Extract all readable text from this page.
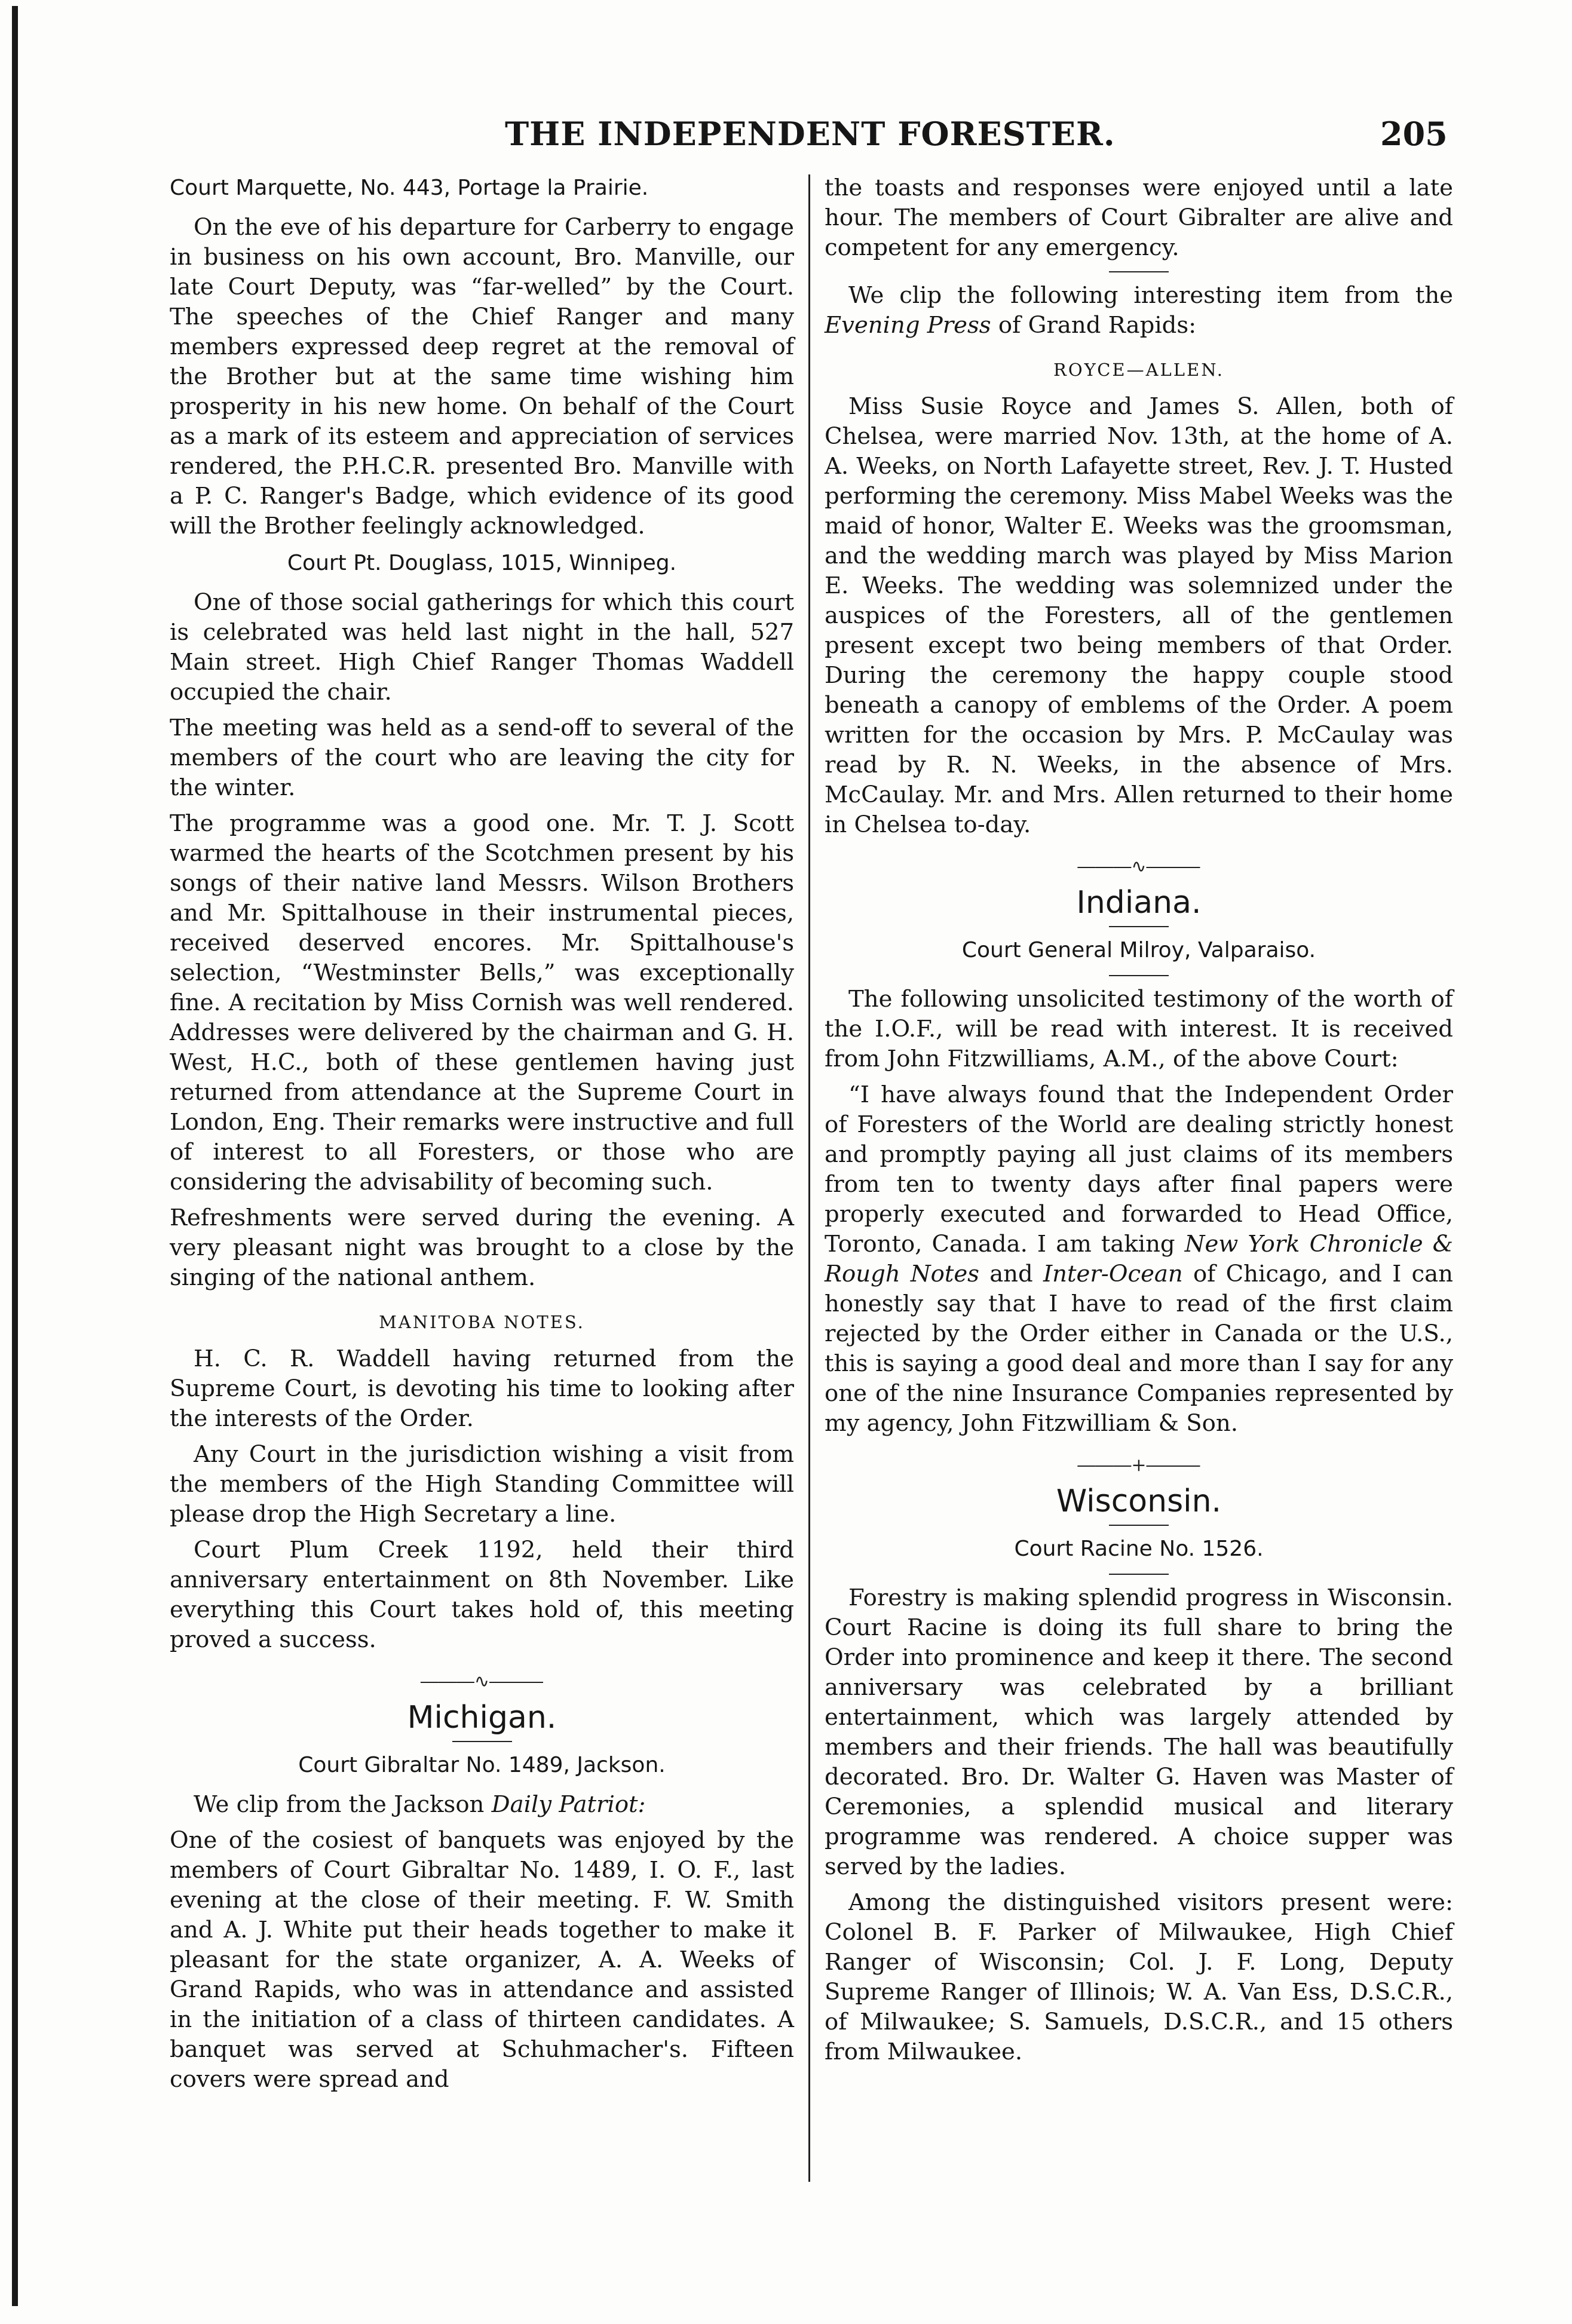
THE INDEPENDENT FORESTER.	205
Court Marquette, No. 443, Portage la Prairie.

On the eve of his departure for Carberry to engage in business on his own account, Bro. Manville, our late Court Deputy, was “far-welled” by the Court. The speeches of the Chief Ranger and many members expressed deep regret at the removal of the Brother but at the same time wishing him prosperity in his new home. On behalf of the Court as a mark of its esteem and appreciation of services rendered, the P.H.C.R. presented Bro. Manville with a P. C. Ranger's Badge, which evidence of its good will the Brother feelingly acknowledged.

Court Pt. Douglass, 1015, Winnipeg.

One of those social gatherings for which this court is celebrated was held last night in the hall, 527 Main street. High Chief Ranger Thomas Waddell occupied the chair.

The meeting was held as a send-off to several of the members of the court who are leaving the city for the winter.

The programme was a good one. Mr. T. J. Scott warmed the hearts of the Scotchmen present by his songs of their native land Messrs. Wilson Brothers and Mr. Spittalhouse in their instrumental pieces, received deserved encores. Mr. Spittalhouse's selection, “Westminster Bells,” was exceptionally fine. A recitation by Miss Cornish was well rendered. Addresses were delivered by the chairman and G. H. West, H.C., both of these gentlemen having just returned from attendance at the Supreme Court in London, Eng. Their remarks were instructive and full of interest to all Foresters, or those who are considering the advisability of becoming such.

Refreshments were served during the evening. A very pleasant night was brought to a close by the singing of the national anthem.

MANITOBA NOTES.

H. C. R. Waddell having returned from the Supreme Court, is devoting his time to looking after the interests of the Order.

Any Court in the jurisdiction wishing a visit from the members of the High Standing Committee will please drop the High Secretary a line.

Court Plum Creek 1192, held their third anniversary entertainment on 8th November. Like everything this Court takes hold of, this meeting proved a success.

―――∿―――
Michigan.
Court Gibraltar No. 1489, Jackson.

We clip from the Jackson Daily Patriot:

One of the cosiest of banquets was enjoyed by the members of Court Gibraltar No. 1489, I. O. F., last evening at the close of their meeting. F. W. Smith and A. J. White put their heads together to make it pleasant for the state organizer, A. A. Weeks of Grand Rapids, who was in attendance and assisted in the initiation of a class of thirteen candidates. A banquet was served at Schuhmacher's. Fifteen covers were spread and

the toasts and responses were enjoyed until a late hour. The members of Court Gibralter are alive and competent for any emergency.

We clip the following interesting item from the Evening Press of Grand Rapids:

ROYCE—ALLEN.

Miss Susie Royce and James S. Allen, both of Chelsea, were married Nov. 13th, at the home of A. A. Weeks, on North Lafayette street, Rev. J. T. Husted performing the ceremony. Miss Mabel Weeks was the maid of honor, Walter E. Weeks was the groomsman, and the wedding march was played by Miss Marion E. Weeks. The wedding was solemnized under the auspices of the Foresters, all of the gentlemen present except two being members of that Order. During the ceremony the happy couple stood beneath a canopy of emblems of the Order. A poem written for the occasion by Mrs. P. McCaulay was read by R. N. Weeks, in the absence of Mrs. McCaulay. Mr. and Mrs. Allen returned to their home in Chelsea to-day.

―――∿―――
Indiana.
Court General Milroy, Valparaiso.

The following unsolicited testimony of the worth of the I.O.F., will be read with interest. It is received from John Fitzwilliams, A.M., of the above Court:

“I have always found that the Independent Order of Foresters of the World are dealing strictly honest and promptly paying all just claims of its members from ten to twenty days after final papers were properly executed and forwarded to Head Office, Toronto, Canada. I am taking New York Chronicle & Rough Notes and Inter-Ocean of Chicago, and I can honestly say that I have to read of the first claim rejected by the Order either in Canada or the U.S., this is saying a good deal and more than I say for any one of the nine Insurance Companies represented by my agency, John Fitzwilliam & Son.

―――+―――
Wisconsin.
Court Racine No. 1526.

Forestry is making splendid progress in Wisconsin. Court Racine is doing its full share to bring the Order into prominence and keep it there. The second anniversary was celebrated by a brilliant entertainment, which was largely attended by members and their friends. The hall was beautifully decorated. Bro. Dr. Walter G. Haven was Master of Ceremonies, a splendid musical and literary programme was rendered. A choice supper was served by the ladies.

Among the distinguished visitors present were: Colonel B. F. Parker of Milwaukee, High Chief Ranger of Wisconsin; Col. J. F. Long, Deputy Supreme Ranger of Illinois; W. A. Van Ess, D.S.C.R., of Milwaukee; S. Samuels, D.S.C.R., and 15 others from Milwaukee.
